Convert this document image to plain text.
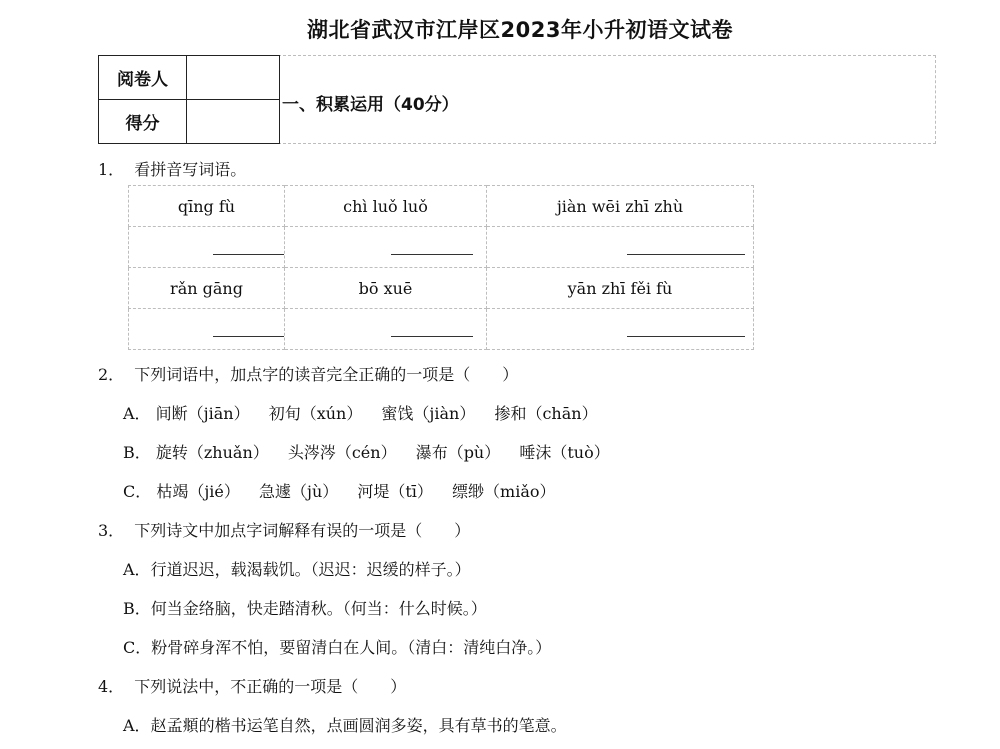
湖北省武汉市江岸区2023年小升初语文试卷
阅卷人	
得分	
一、积累运用（40分）
1． 看拼音写词语。
qīng fù	chì luǒ luǒ	jiàn wēi zhī zhù

rǎn gāng	bō xuē	yān zhī fěi fù

2． 下列词语中，加点字的读音完全正确的一项是（　　）
A． 间断（jiān） 初旬（xún） 蜜饯（jiàn） 掺和（chān）
B． 旋转（zhuǎn） 头涔涔（cén） 瀑布（pù） 唾沫（tuò）
C． 枯竭（jié） 急遽（jù） 河堤（tī） 缥缈（miǎo）
3． 下列诗文中加点字词解释有误的一项是（　　）
A．行道迟迟，载渴载饥。（迟迟：迟缓的样子。）
B．何当金络脑，快走踏清秋。（何当：什么时候。）
C．粉骨碎身浑不怕，要留清白在人间。（清白：清纯白净。）
4． 下列说法中，不正确的一项是（　　）
A．赵孟頫的楷书运笔自然，点画圆润多姿，具有草书的笔意。
